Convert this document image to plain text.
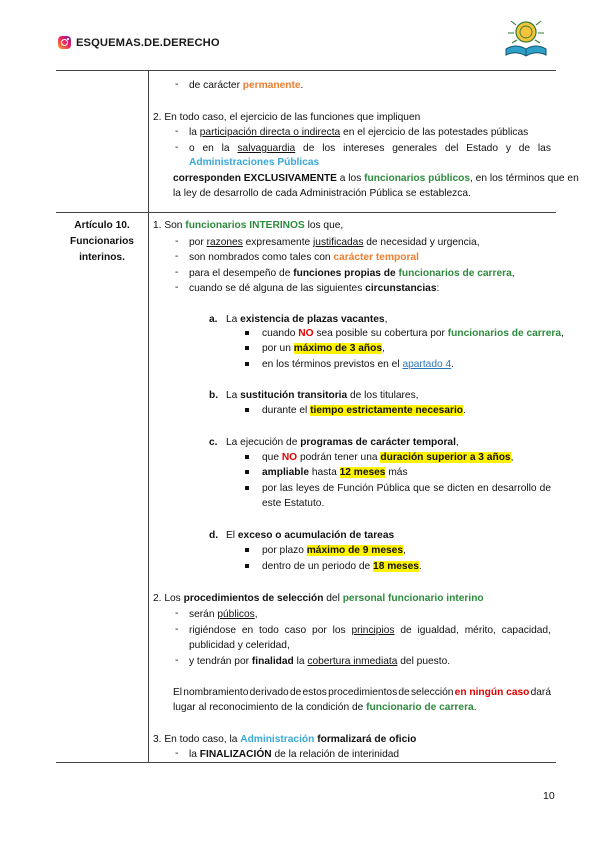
ESQUEMAS.DE.DERECHO
Artículo 10.
Funcionarios
interinos.
- de carácter permanente.
2. En todo caso, el ejercicio de las funciones que impliquen
- la participación directa o indirecta en el ejercicio de las potestades públicas
- o en la salvaguardia de los intereses generales del Estado y de las
Administraciones Públicas
corresponden EXCLUSIVAMENTE a los funcionarios públicos, en los términos que en
la ley de desarrollo de cada Administración Pública se establezca.
1. Son funcionarios INTERINOS los que,
- por razones expresamente justificadas de necesidad y urgencia,
- son nombrados como tales con carácter temporal
- para el desempeño de funciones propias de funcionarios de carrera,
- cuando se dé alguna de las siguientes circunstancias:
a. La existencia de plazas vacantes,
cuando NO sea posible su cobertura por funcionarios de carrera,
por un máximo de 3 años,
en los términos previstos en el apartado 4.
b. La sustitución transitoria de los titulares,
durante el tiempo estrictamente necesario.
c. La ejecución de programas de carácter temporal,
que NO podrán tener una duración superior a 3 años,
ampliable hasta 12 meses más
por las leyes de Función Pública que se dicten en desarrollo de
este Estatuto.
d. El exceso o acumulación de tareas
por plazo máximo de 9 meses,
dentro de un periodo de 18 meses.
2. Los procedimientos de selección del personal funcionario interino
- serán públicos,
- rigiéndose en todo caso por los principios de igualdad, mérito, capacidad,
publicidad y celeridad,
- y tendrán por finalidad la cobertura inmediata del puesto.
El nombramiento derivado de estos procedimientos de selección en ningún caso dará
lugar al reconocimiento de la condición de funcionario de carrera.
3. En todo caso, la Administración formalizará de oficio
- la FINALIZACIÓN de la relación de interinidad
10
